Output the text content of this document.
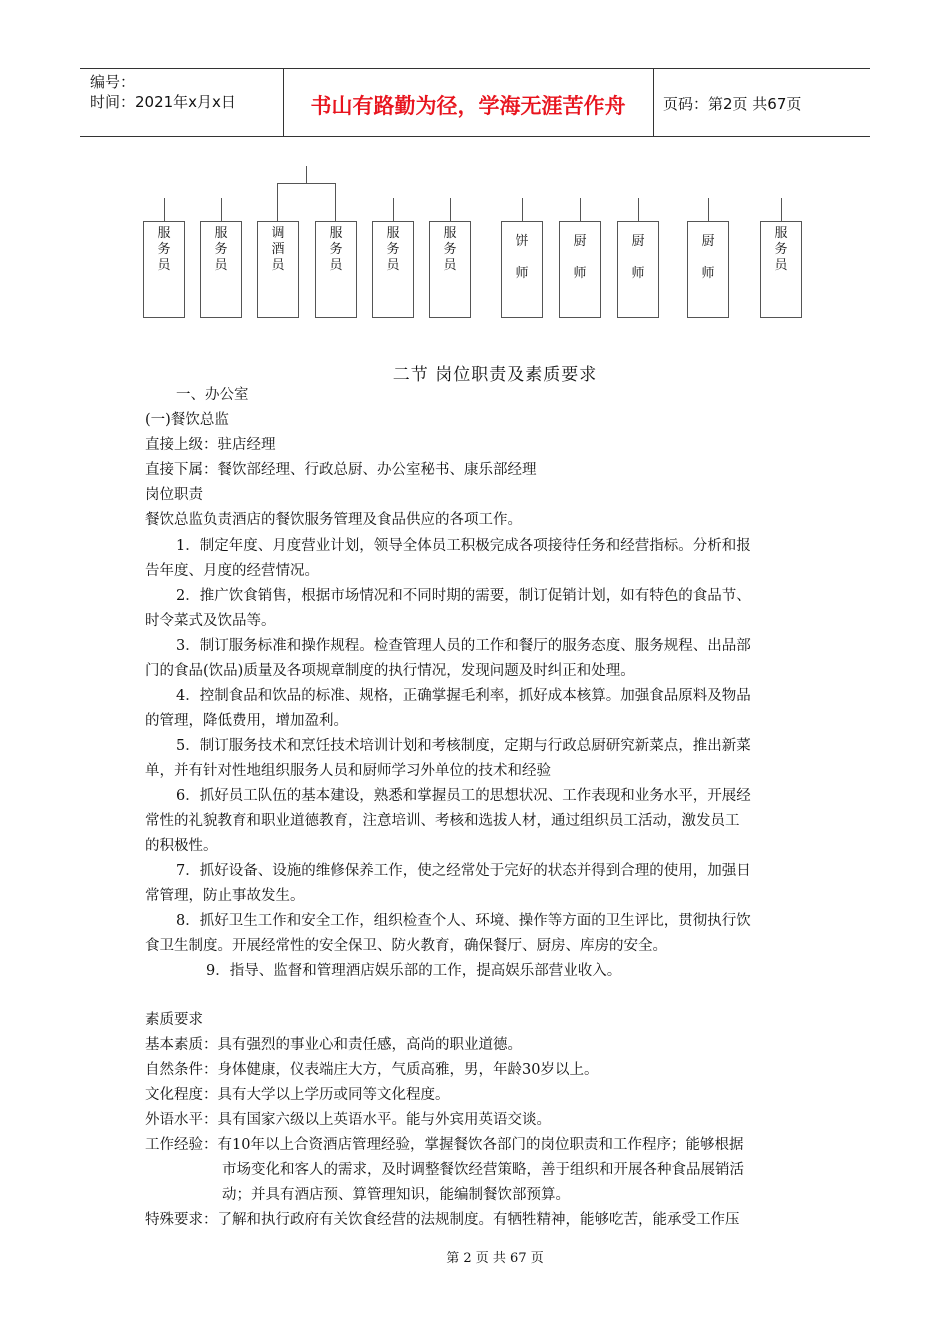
编号：
时间：2021年x月x日	书山有路勤为径，学海无涯苦作舟	页码：第2页 共67页
服务员
服务员
调酒员
服务员
服务员
服务员
饼师
厨师
厨师
厨师
服务员
二节 岗位职责及素质要求
一、办公室
(一)餐饮总监
直接上级：驻店经理
直接下属：餐饮部经理、行政总厨、办公室秘书、康乐部经理
岗位职责
餐饮总监负责酒店的餐饮服务管理及食品供应的各项工作。
1．制定年度、月度营业计划，领导全体员工积极完成各项接待任务和经营指标。分析和报
告年度、月度的经营情况。
2．推广饮食销售，根据市场情况和不同时期的需要，制订促销计划，如有特色的食品节、
时令菜式及饮品等。
3．制订服务标准和操作规程。检查管理人员的工作和餐厅的服务态度、服务规程、出品部
门的食品(饮品)质量及各项规章制度的执行情况，发现问题及时纠正和处理。
4．控制食品和饮品的标准、规格，正确掌握毛利率，抓好成本核算。加强食品原料及物品
的管理，降低费用，增加盈利。
5．制订服务技术和烹饪技术培训计划和考核制度，定期与行政总厨研究新菜点，推出新菜
单，并有针对性地组织服务人员和厨师学习外单位的技术和经验
6．抓好员工队伍的基本建设，熟悉和掌握员工的思想状况、工作表现和业务水平，开展经
常性的礼貌教育和职业道德教育，注意培训、考核和选拔人材，通过组织员工活动，激发员工
的积极性。
7．抓好设备、设施的维修保养工作，使之经常处于完好的状态并得到合理的使用，加强日
常管理，防止事故发生。
8．抓好卫生工作和安全工作，组织检查个人、环境、操作等方面的卫生评比，贯彻执行饮
食卫生制度。开展经常性的安全保卫、防火教育，确保餐厅、厨房、库房的安全。
9．指导、监督和管理酒店娱乐部的工作，提高娱乐部营业收入。
素质要求
基本素质：具有强烈的事业心和责任感，高尚的职业道德。
自然条件：身体健康，仪表端庄大方，气质高雅，男，年龄30岁以上。
文化程度：具有大学以上学历或同等文化程度。
外语水平：具有国家六级以上英语水平。能与外宾用英语交谈。
工作经验：有10年以上合资酒店管理经验，掌握餐饮各部门的岗位职责和工作程序；能够根据
市场变化和客人的需求，及时调整餐饮经营策略，善于组织和开展各种食品展销活
动；并具有酒店预、算管理知识，能编制餐饮部预算。
特殊要求：了解和执行政府有关饮食经营的法规制度。有牺牲精神，能够吃苦，能承受工作压
第 2 页 共 67 页
